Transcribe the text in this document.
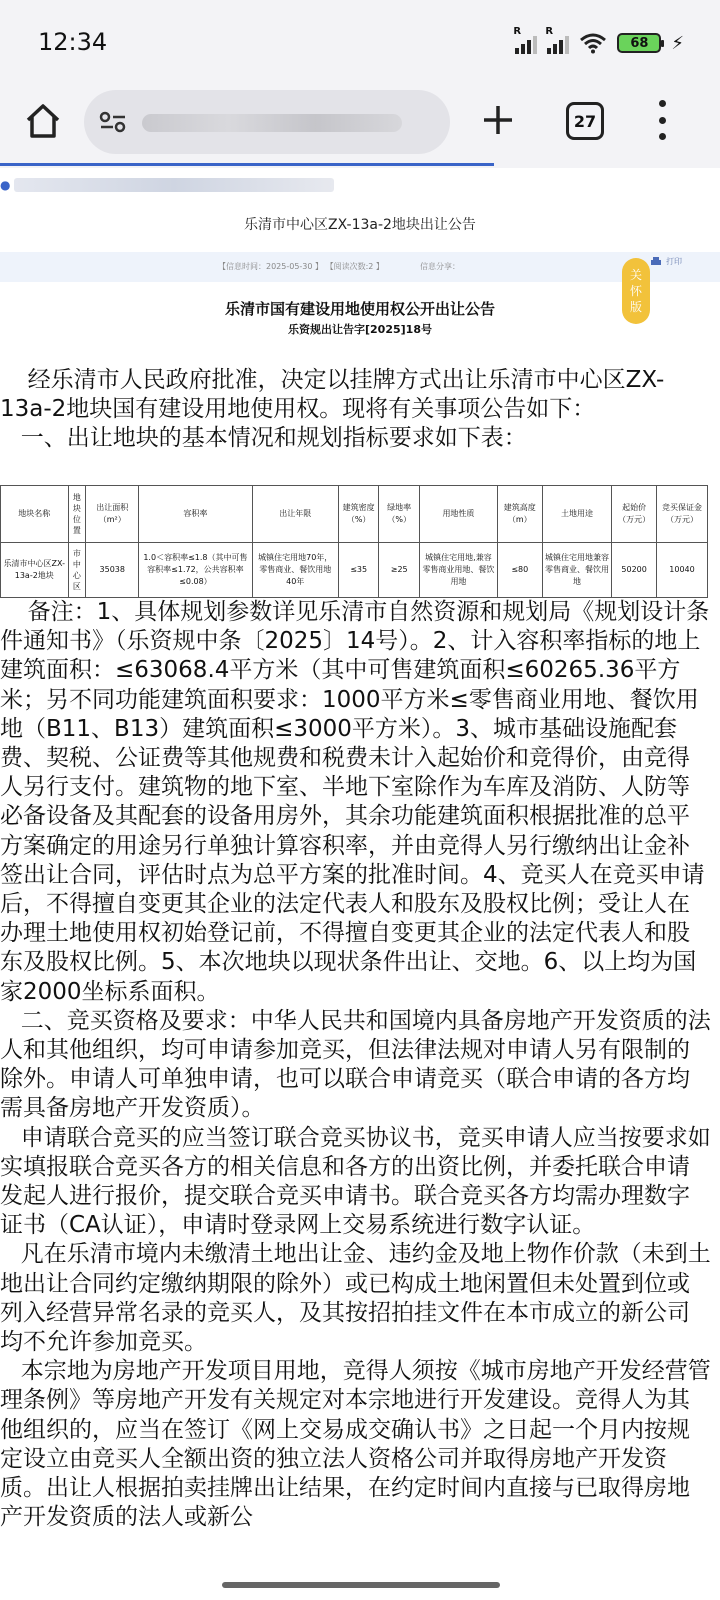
12:34	R R
68 ⚡
27
●
乐清市中心区ZX-13a-2地块出让公告
【信息时间：2025-05-30 】 【阅读次数:2 】	信息分享：
打印
关
怀
版
乐清市国有建设用地使用权公开出让公告
乐资规出让告字[2025]18号

经乐清市人民政府批准，决定以挂牌方式出让乐清市中心区ZX-13a-2地块国有建设用地使用权。现将有关事项公告如下：

一、出让地块的基本情况和规划指标要求如下表：

地块名称	地块位置	出让面积（m²）	容积率	出让年限	建筑密度（%）	绿地率（%）	用地性质	建筑高度（m）	土地用途	起始价（万元）	竞买保证金（万元）
乐清市中心区ZX-13a-2地块	市中心区	35038	1.0＜容积率≤1.8（其中可售容积率≤1.72，公共容积率≤0.08）	城镇住宅用地70年，零售商业、餐饮用地40年	≤35	≥25	城镇住宅用地,兼容零售商业用地、餐饮用地	≤80	城镇住宅用地兼容零售商业、餐饮用地	50200	10040

备注：1、具体规划参数详见乐清市自然资源和规划局《规划设计条件通知书》（乐资规中条〔2025〕14号）。2、计入容积率指标的地上建筑面积：≤63068.4平方米（其中可售建筑面积≤60265.36平方米；另不同功能建筑面积要求：1000平方米≤零售商业用地、餐饮用地（B11、B13）建筑面积≤3000平方米）。3、城市基础设施配套费、契税、公证费等其他规费和税费未计入起始价和竞得价，由竞得人另行支付。建筑物的地下室、半地下室除作为车库及消防、人防等必备设备及其配套的设备用房外，其余功能建筑面积根据批准的总平方案确定的用途另行单独计算容积率，并由竞得人另行缴纳出让金补签出让合同，评估时点为总平方案的批准时间。4、竞买人在竞买申请后，不得擅自变更其企业的法定代表人和股东及股权比例；受让人在办理土地使用权初始登记前，不得擅自变更其企业的法定代表人和股东及股权比例。5、本次地块以现状条件出让、交地。6、以上均为国家2000坐标系面积。

二、竞买资格及要求：中华人民共和国境内具备房地产开发资质的法人和其他组织，均可申请参加竞买，但法律法规对申请人另有限制的除外。申请人可单独申请，也可以联合申请竞买（联合申请的各方均需具备房地产开发资质）。

申请联合竞买的应当签订联合竞买协议书，竞买申请人应当按要求如实填报联合竞买各方的相关信息和各方的出资比例，并委托联合申请发起人进行报价，提交联合竞买申请书。联合竞买各方均需办理数字证书（CA认证），申请时登录网上交易系统进行数字认证。

凡在乐清市境内未缴清土地出让金、违约金及地上物作价款（未到土地出让合同约定缴纳期限的除外）或已构成土地闲置但未处置到位或列入经营异常名录的竞买人，及其按招拍挂文件在本市成立的新公司均不允许参加竞买。

本宗地为房地产开发项目用地，竞得人须按《城市房地产开发经营管理条例》等房地产开发有关规定对本宗地进行开发建设。竞得人为其他组织的，应当在签订《网上交易成交确认书》之日起一个月内按规定设立由竞买人全额出资的独立法人资格公司并取得房地产开发资质。出让人根据拍卖挂牌出让结果，在约定时间内直接与已取得房地产开发资质的法人或新公
